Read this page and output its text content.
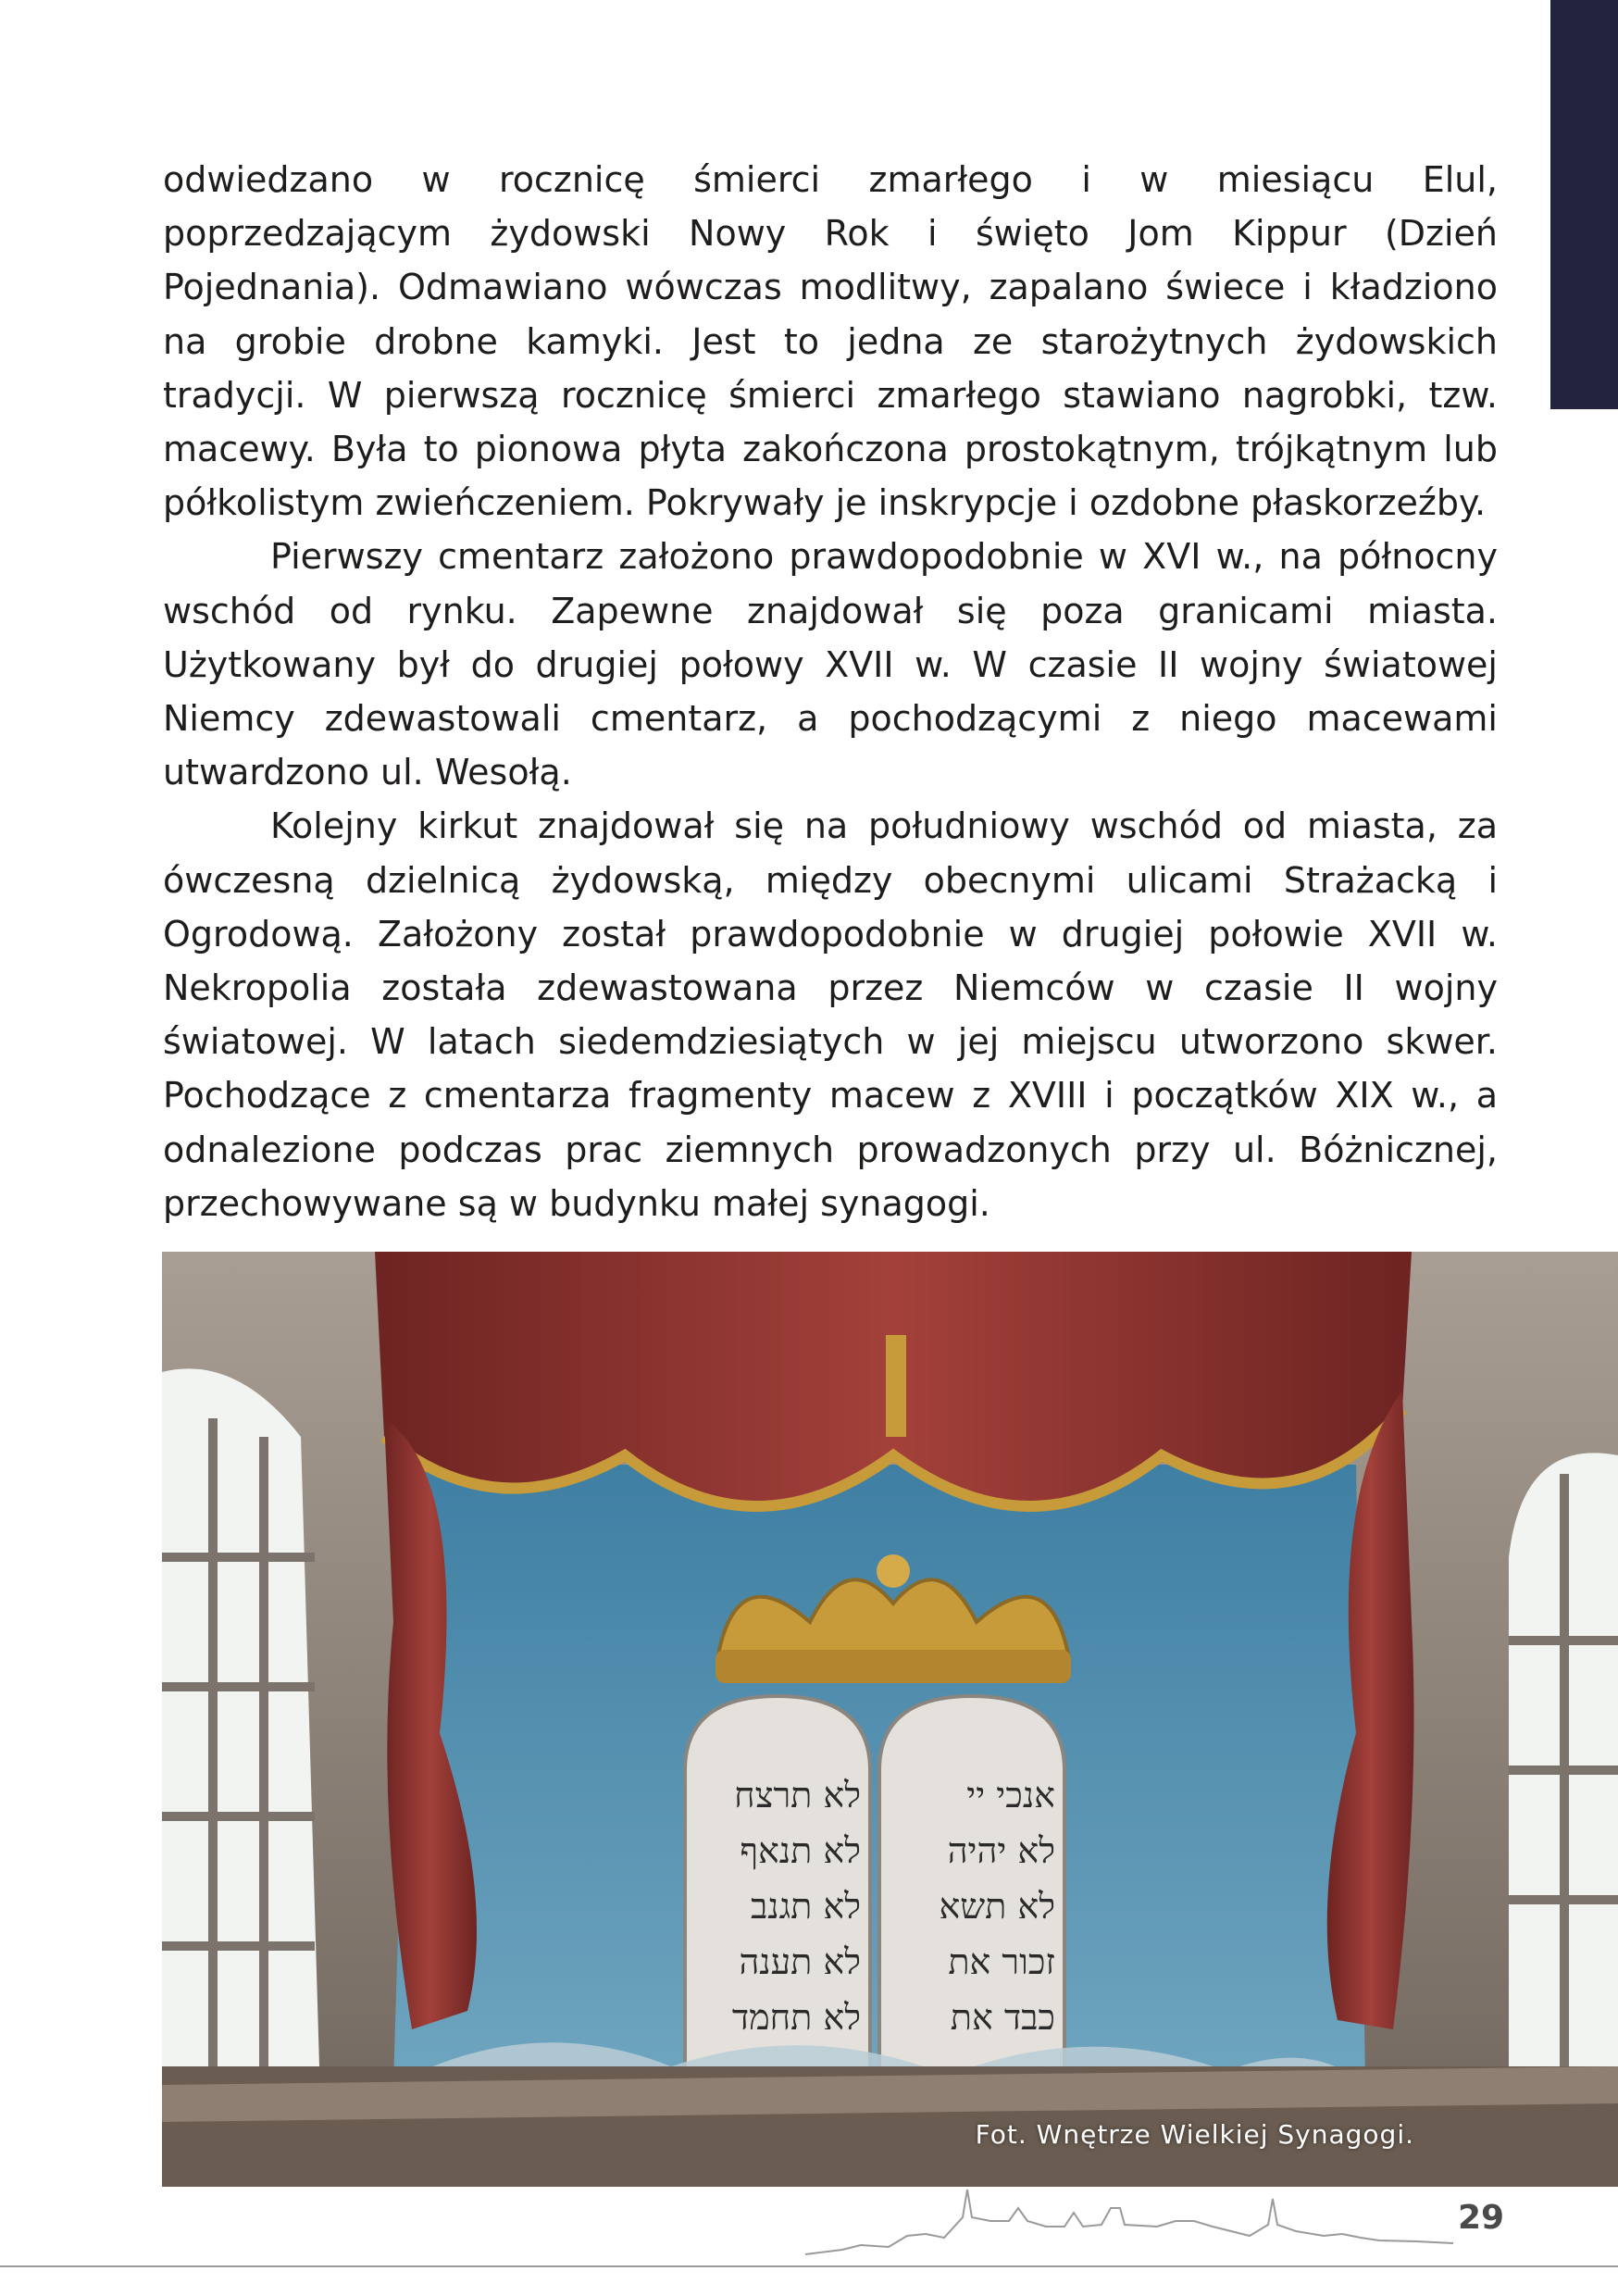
odwiedzano w rocznicę śmierci zmarłego i w miesiącu Elul, poprzedzającym żydowski Nowy Rok i święto Jom Kippur (Dzień Pojednania). Odmawiano wówczas modlitwy, zapalano świece i kładziono na grobie drobne kamyki. Jest to jedna ze starożytnych żydowskich tradycji. W pierwszą rocznicę śmierci zmarłego stawiano nagrobki, tzw. macewy. Była to pionowa płyta zakończona prostokątnym, trójkątnym lub półkolistym zwieńczeniem. Pokrywały je inskrypcje i ozdobne płaskorzeźby.

Pierwszy cmentarz założono prawdopodobnie w XVI w., na północny wschód od rynku. Zapewne znajdował się poza granicami miasta. Użytkowany był do drugiej połowy XVII w. W czasie II wojny światowej Niemcy zdewastowali cmentarz, a pochodzącymi z niego macewami utwardzono ul. Wesołą.

Kolejny kirkut znajdował się na południowy wschód od miasta, za ówczesną dzielnicą żydowską, między obecnymi ulicami Strażacką i Ogrodową. Założony został prawdopodobnie w drugiej połowie XVII w. Nekropolia została zdewastowana przez Niemców w czasie II wojny światowej. W latach siedemdziesiątych w jej miejscu utworzono skwer. Pochodzące z cmentarza fragmenty macew z XVIII i początków XIX w., a odnalezione podczas prac ziemnych prowadzonych przy ul. Bóżnicznej, przechowywane są w budynku małej synagogi.

לא תרצח
לא תנאף
לא תגנב
לא תענה
לא תחמד
אנכי יי
לא יהיה
לא תשא
זכור את
כבד את
Fot. Wnętrze Wielkiej Synagogi.
29
